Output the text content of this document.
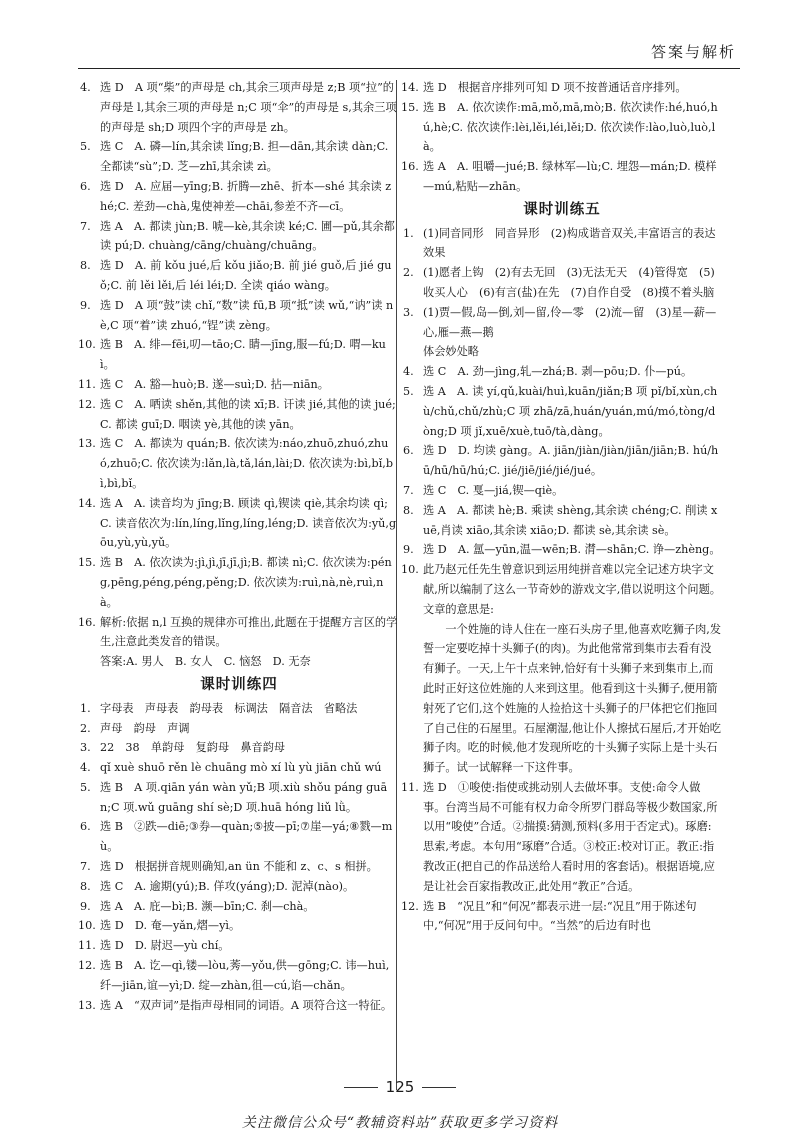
答案与解析

4. 选 D　A 项“柴”的声母是 ch,其余三项声母是 z;B 项“拉”的声母是 l,其余三项的声母是 n;C 项“伞”的声母是 s,其余三项的声母是 sh;D 项四个字的声母是 zh。

5. 选 C　A. 磷—lín,其余读 lǐng;B. 担—dān,其余读 dàn;C. 全都读“sù”;D. 芝—zhī,其余读 zì。

6. 选 D　A. 应届—yīng;B. 折腾—zhē、折本—shé 其余读 zhé;C. 差劲—chà,鬼使神差—chāi,参差不齐—cī。

7. 选 A　A. 都读 jùn;B. 唬—kè,其余读 ké;C. 圃—pǔ,其余都读 pú;D. chuàng/cāng/chuàng/chuāng。

8. 选 D　A. 前 kǒu jué,后 kǒu jiǎo;B. 前 jié guǒ,后 jié guǒ;C. 前 lěi lěi,后 léi léi;D. 全读 qiáo wàng。

9. 选 D　A 项“鼓”读 chǐ,“数”读 fū,B 项“抵”读 wǔ,“讷”读 nè,C 项“着”读 zhuó,“锃”读 zèng。

10. 选 B　A. 绯—fēi,叨—tāo;C. 睛—jīng,服—fú;D. 喟—kuì。

11. 选 C　A. 豁—huò;B. 遂—suì;D. 拈—niān。

12. 选 C　A. 哂读 shěn,其他的读 xī;B. 讦读 jié,其他的读 jué;C. 都读 guī;D. 咽读 yè,其他的读 yān。

13. 选 C　A. 都读为 quán;B. 依次读为:náo,zhuō,zhuó,zhuó,zhuō;C. 依次读为:lǎn,là,tǎ,lán,lài;D. 依次读为:bì,bǐ,bì,bì,bǐ。

14. 选 A　A. 读音均为 jīng;B. 顾读 qì,锲读 qiè,其余均读 qì;C. 读音依次为:lín,líng,lǐng,líng,léng;D. 读音依次为:yǔ,gōu,yù,yù,yǔ。

15. 选 B　A. 依次读为:jì,jì,jī,jī,jì;B. 都读 nì;C. 依次读为:péng,pēng,péng,péng,pěng;D. 依次读为:ruì,nà,nè,ruì,nà。

16. 解析:依据 n,l 互换的规律亦可推出,此题在于提醒方言区的学生,注意此类发音的错误。

答案:A. 男人　B. 女人　C. 恼怒　D. 无奈

课时训练四

1. 字母表　声母表　韵母表　标调法　隔音法　省略法

2. 声母　韵母　声调

3. 22　38　单韵母　复韵母　鼻音韵母

4. qǐ xuè shuō rěn lè chuāng mò xí lù yù jiān chǔ wú

5. 选 B　A 项.qiān yán wàn yǔ;B 项.xiù shǒu páng guān;C 项.wǔ guāng shí sè;D 项.huā hóng liǔ lǜ。

6. 选 B　②跌—diē;③券—quàn;⑤披—pī;⑦崖—yá;⑧戮—mù。

7. 选 D　根据拼音规则确知,an ün 不能和 z、c、s 相拼。

8. 选 C　A. 逾期(yú);B. 佯攻(yáng);D. 泥淖(nào)。

9. 选 A　A. 庇—bì;B. 濒—bīn;C. 刹—chà。

10. 选 D　D. 奄—yǎn,熠—yì。

11. 选 D　D. 尉迟—yù chí。

12. 选 B　A. 讫—qì,镂—lòu,莠—yǒu,供—gōng;C. 讳—huì,纤—jiān,谊—yì;D. 绽—zhàn,徂—cú,谄—chǎn。

13. 选 A　“双声词”是指声母相同的词语。A 项符合这一特征。

14. 选 D　根据音序排列可知 D 项不按普通话音序排列。

15. 选 B　A. 依次读作:mā,mǒ,mā,mò;B. 依次读作:hé,huó,hú,hè;C. 依次读作:lèi,lěi,léi,lěi;D. 依次读作:lào,luò,luò,là。

16. 选 A　A. 咀嚼—jué;B. 绿林军—lù;C. 埋怨—mán;D. 模样—mú,粘贴—zhān。

课时训练五

1. (1)同音同形　同音异形　(2)构成谐音双关,丰富语言的表达效果

2. (1)愿者上钩　(2)有去无回　(3)无法无天　(4)管得宽　(5)收买人心　(6)有言(盐)在先　(7)自作自受　(8)摸不着头脑

3. (1)贾—假,岛—倒,刘—留,伶—零　(2)流—留　(3)星—薪—心,雁—燕—鹅

体会妙处略

4. 选 C　A. 劲—jìng,轧—zhá;B. 剥—pōu;D. 仆—pú。

5. 选 A　A. 读 yí,qǔ,kuài/huì,kuān/jiǎn;B 项 pǐ/bǐ,xùn,chù/chǔ,chǔ/zhù;C 项 zhā/zā,huán/yuán,mú/mó,tòng/dòng;D 项 jǐ,xuē/xuè,tuō/tà,dàng。

6. 选 D　D. 均读 gàng。A. jiān/jiàn/jiàn/jiān/jiān;B. hú/hū/hū/hū/hú;C. jié/jiē/jié/jié/jué。

7. 选 C　C. 戛—jiá,锲—qiè。

8. 选 A　A. 都读 hè;B. 乘读 shèng,其余读 chéng;C. 削读 xuē,肖读 xiāo,其余读 xiāo;D. 都读 sè,其余读 sè。

9. 选 D　A. 氲—yūn,温—wēn;B. 潸—shān;C. 诤—zhèng。

10. 此乃赵元任先生曾意识到运用纯拼音难以完全记述方块字文献,所以编制了这么一节奇妙的游戏文字,借以说明这个问题。

文章的意思是:

一个姓施的诗人住在一座石头房子里,他喜欢吃狮子肉,发誓一定要吃掉十头狮子(的肉)。为此他常常到集市去看有没有狮子。一天,上午十点来钟,恰好有十头狮子来到集市上,而此时正好这位姓施的人来到这里。他看到这十头狮子,便用箭射死了它们,这个姓施的人捡拾这十头狮子的尸体把它们拖回了自己住的石屋里。石屋潮湿,他让仆人擦拭石屋后,才开始吃狮子肉。吃的时候,他才发现所吃的十头狮子实际上是十头石狮子。试一试解释一下这件事。

11. 选 D　①唆使:指使或挑动别人去做坏事。支使:命令人做事。台湾当局不可能有权力命令所罗门群岛等极少数国家,所以用“唆使”合适。②揣摸:猜测,预料(多用于否定式)。琢磨:思索,考虑。本句用“琢磨”合适。③校正:校对订正。教正:指教改正(把自己的作品送给人看时用的客套话)。根据语境,应是让社会百家指教改正,此处用“教正”合适。

12. 选 B　“况且”和“何况”都表示进一层:“况且”用于陈述句中,“何况”用于反问句中。“当然”的后边有时也

125
关注微信公众号“教辅资料站”获取更多学习资料
